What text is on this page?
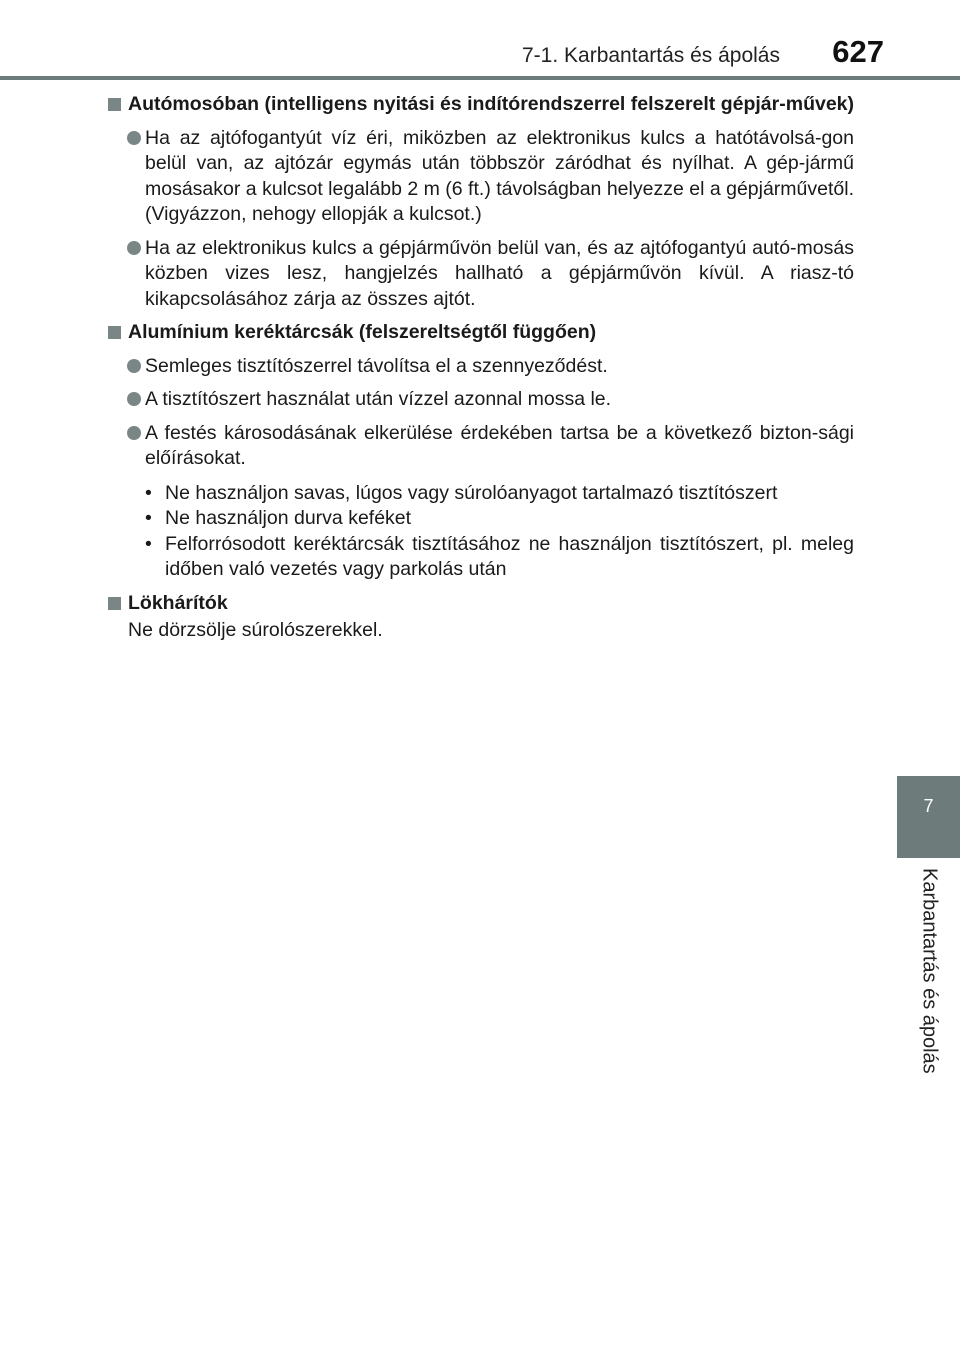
7-1. Karbantartás és ápolás 627
7
Karbantartás és ápolás
Autómosóban (intelligens nyitási és indítórendszerrel felszerelt gépjár-művek)
Ha az ajtófogantyút víz éri, miközben az elektronikus kulcs a hatótávolsá-gon belül van, az ajtózár egymás után többször záródhat és nyílhat. A gép-jármű mosásakor a kulcsot legalább 2 m (6 ft.) távolságban helyezze el a gépjárművetől. (Vigyázzon, nehogy ellopják a kulcsot.)
Ha az elektronikus kulcs a gépjárművön belül van, és az ajtófogantyú autó-mosás közben vizes lesz, hangjelzés hallható a gépjárművön kívül. A riasz-tó kikapcsolásához zárja az összes ajtót.
Alumínium keréktárcsák (felszereltségtől függően)
Semleges tisztítószerrel távolítsa el a szennyeződést.
A tisztítószert használat után vízzel azonnal mossa le.
A festés károsodásának elkerülése érdekében tartsa be a következő bizton-sági előírásokat.
• Ne használjon savas, lúgos vagy súrolóanyagot tartalmazó tisztítószert
• Ne használjon durva keféket
• Felforrósodott keréktárcsák tisztításához ne használjon tisztítószert, pl. meleg időben való vezetés vagy parkolás után
Lökhárítók
Ne dörzsölje súrolószerekkel.
